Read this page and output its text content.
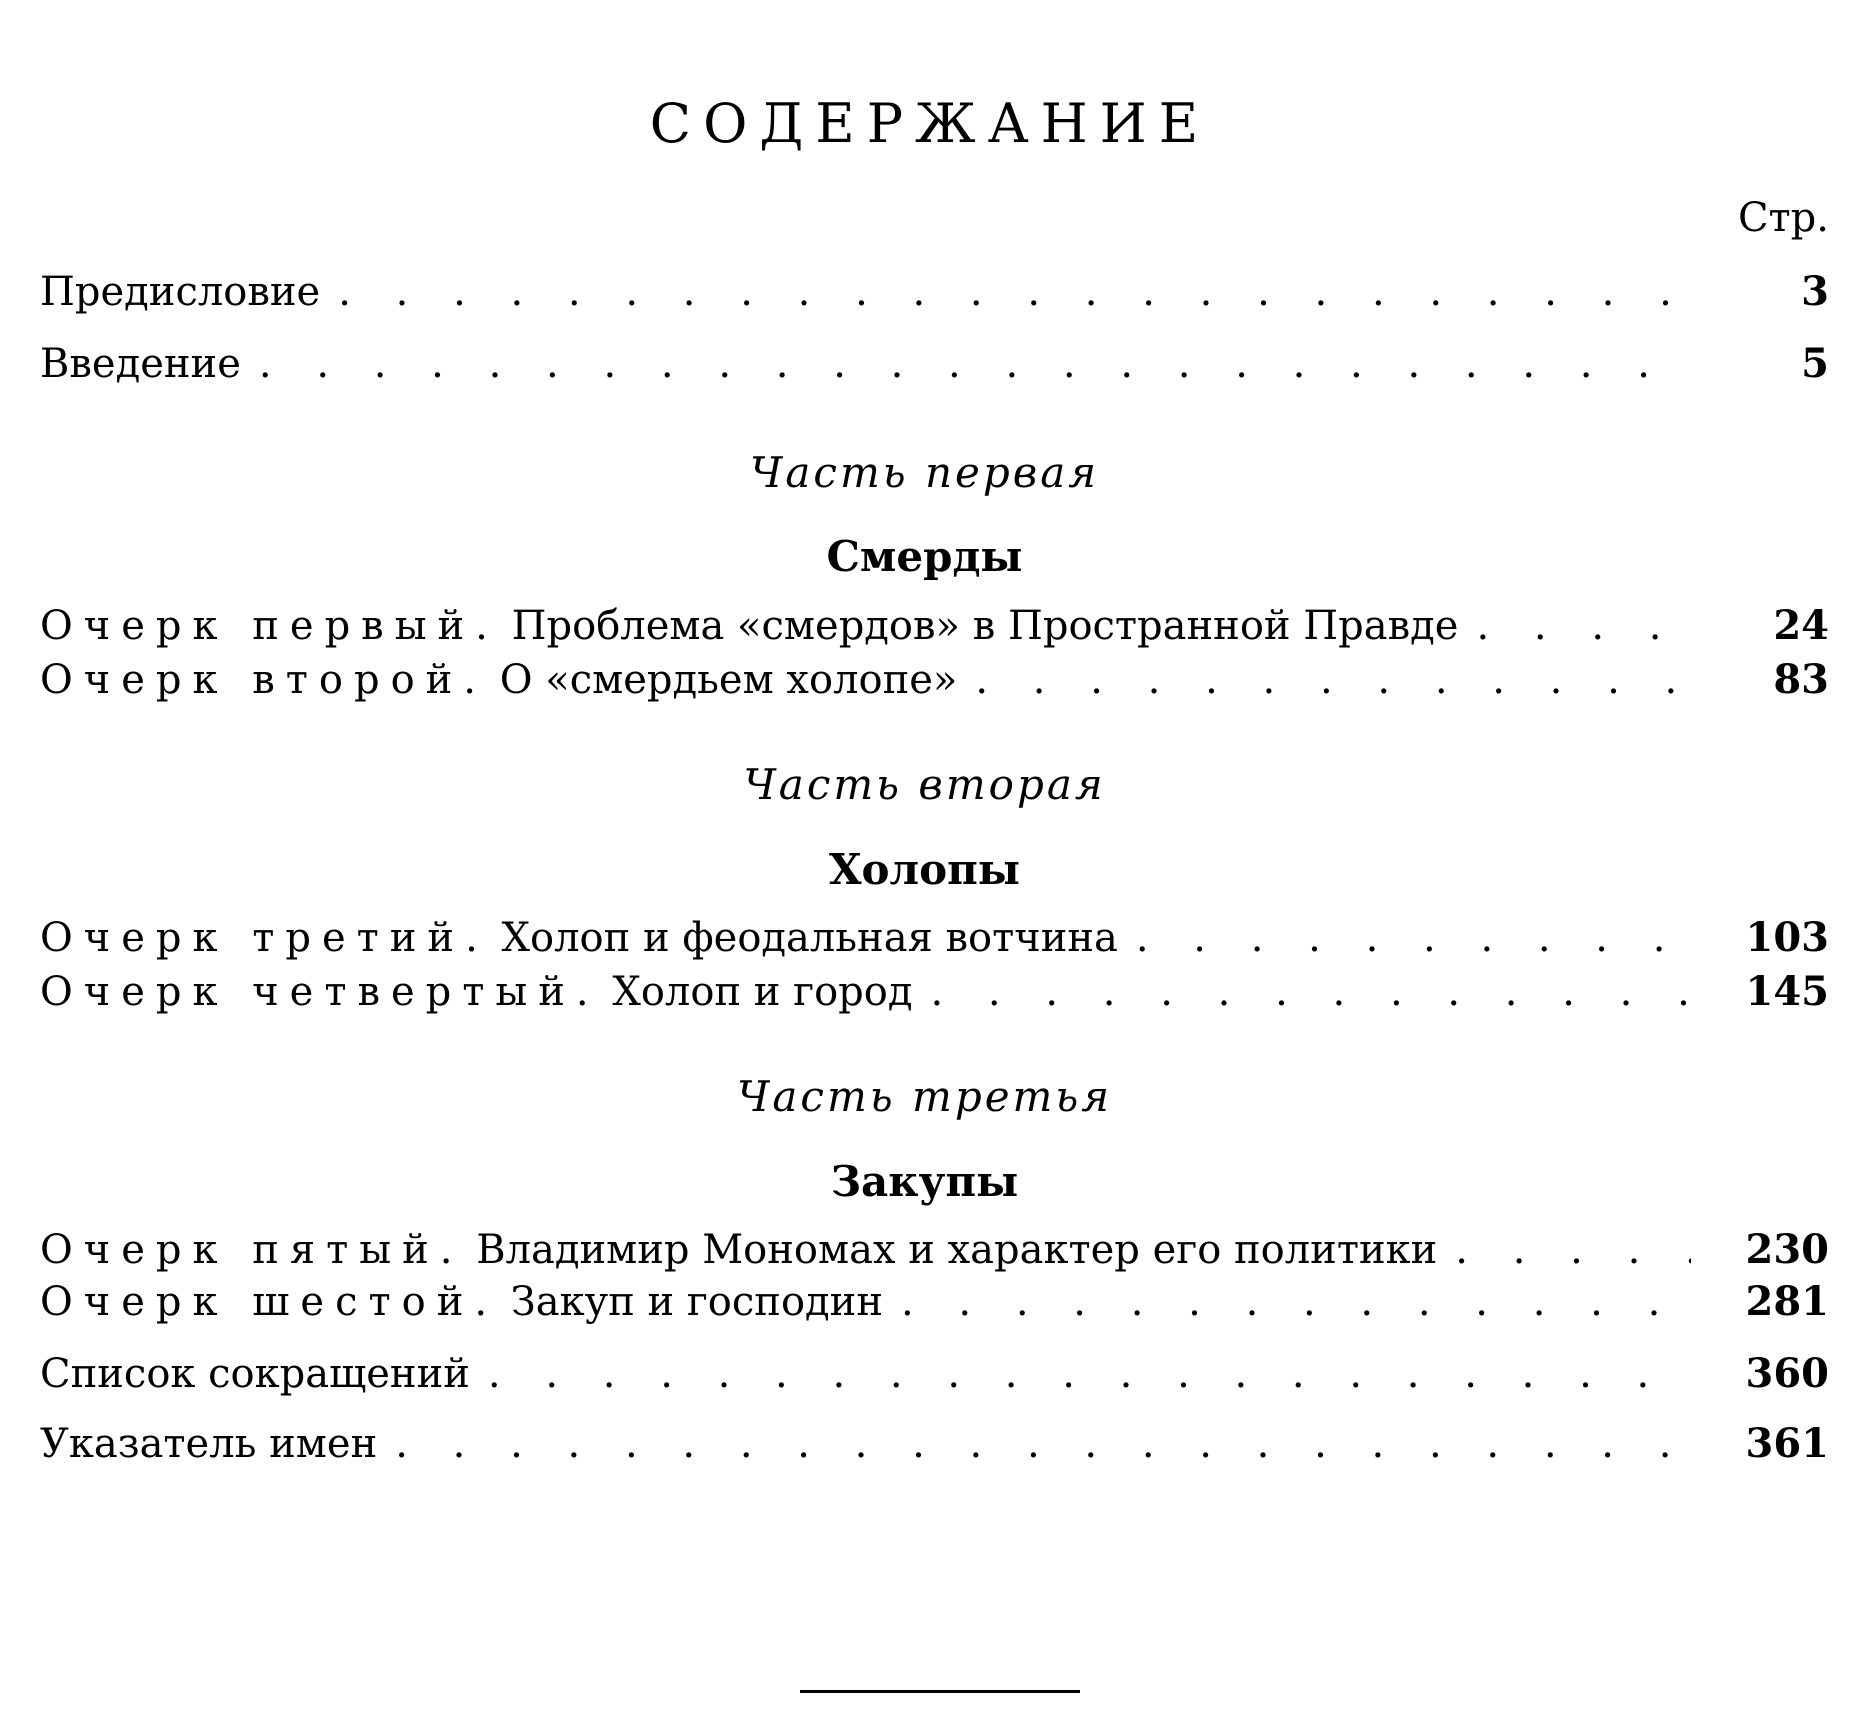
СОДЕРЖАНИЕ
Стр.
Предисловие . . .	3
Введение . . .	5
Часть первая
Смерды
Очерк первый. Проблема «смердов» в Пространной Правде . . .	24
Очерк второй. О «смердьем холопе» . . .	83
Часть вторая
Холопы
Очерк третий. Холоп и феодальная вотчина . . .	103
Очерк четвертый. Холоп и город . . .	145
Часть третья
Закупы
Очерк пятый. Владимир Мономах и характер его политики . . .	230
Очерк шестой. Закуп и господин . . .	281
Список сокращений . . .	360
Указатель имен . . .	361
